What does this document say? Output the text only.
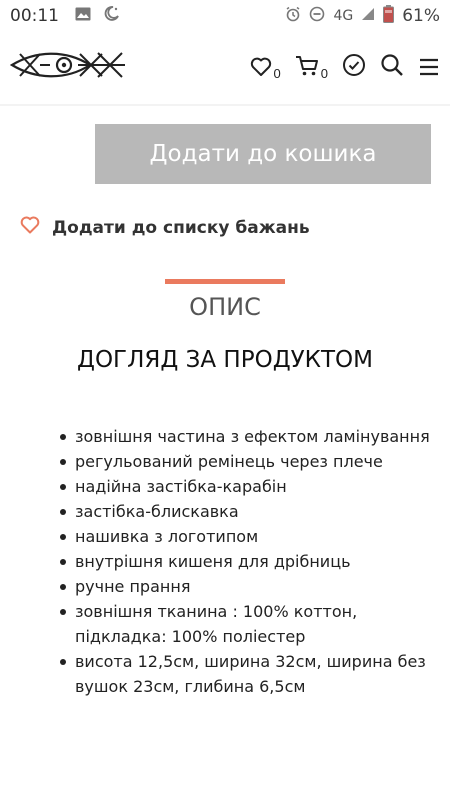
00:11	4G	61%
0	0
Додати до кошика
Додати до списку бажань
ОПИС
ДОГЛЯД ЗА ПРОДУКТОМ
зовнішня частина з ефектом ламінування
регульований ремінець через плече
надійна застібка-карабін
застібка-блискавка
нашивка з логотипом
внутрішня кишеня для дрібниць
ручне прання
зовнішня тканина : 100% коттон, підкладка: 100% поліестер
висота 12,5см, ширина 32см, ширина без вушок 23см, глибина 6,5см
